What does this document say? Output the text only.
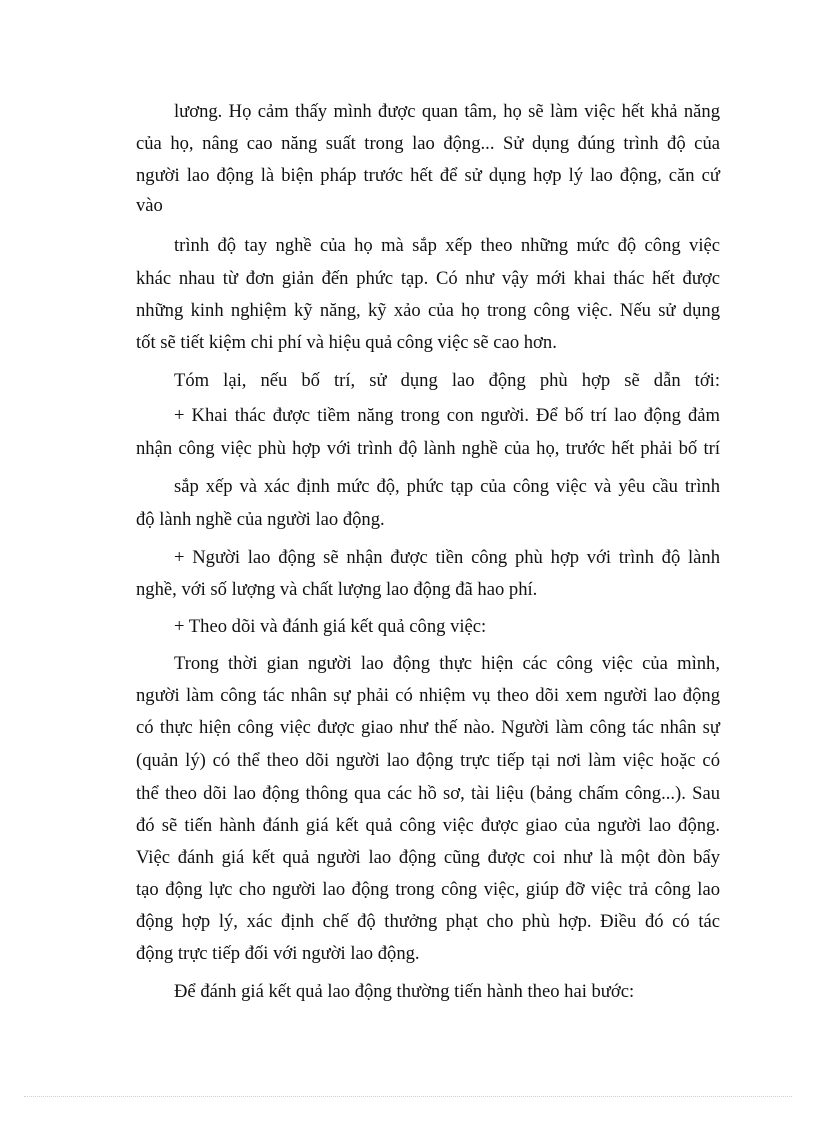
lương. Họ cảm thấy mình được quan tâm, họ sẽ làm việc hết khả năng
của họ, nâng cao năng suất trong lao động... Sử dụng đúng trình độ của
người lao động là biện pháp trước hết để sử dụng hợp lý lao động, căn cứ
vào
trình độ tay nghề của họ mà sắp xếp theo những mức độ công việc
khác nhau từ đơn giản đến phức tạp. Có như vậy mới khai thác hết được
những kinh nghiệm kỹ năng, kỹ xảo của họ trong công việc. Nếu sử dụng
tốt sẽ tiết kiệm chi phí và hiệu quả công việc sẽ cao hơn.
Tóm lại, nếu bố trí, sử dụng lao động phù hợp sẽ dẫn tới:
+ Khai thác được tiềm năng trong con người. Để bố trí lao động đảm
nhận công việc phù hợp với trình độ lành nghề của họ, trước hết phải bố trí
sắp xếp và xác định mức độ, phức tạp của công việc và yêu cầu trình
độ lành nghề của người lao động.
+ Người lao động sẽ nhận được tiền công phù hợp với trình độ lành
nghề, với số lượng và chất lượng lao động đã hao phí.
+ Theo dõi và đánh giá kết quả công việc:
Trong thời gian người lao động thực hiện các công việc của mình,
người làm công tác nhân sự phải có nhiệm vụ theo dõi xem người lao động
có thực hiện công việc được giao như thế nào. Người làm công tác nhân sự
(quản lý) có thể theo dõi người lao động trực tiếp tại nơi làm việc hoặc có
thể theo dõi lao động thông qua các hồ sơ, tài liệu (bảng chấm công...). Sau
đó sẽ tiến hành đánh giá kết quả công việc được giao của người lao động.
Việc đánh giá kết quả người lao động cũng được coi như là một đòn bẩy
tạo động lực cho người lao động trong công việc, giúp đỡ việc trả công lao
động hợp lý, xác định chế độ thưởng phạt cho phù hợp. Điều đó có tác
động trực tiếp đối với người lao động.
Để đánh giá kết quả lao động thường tiến hành theo hai bước:
